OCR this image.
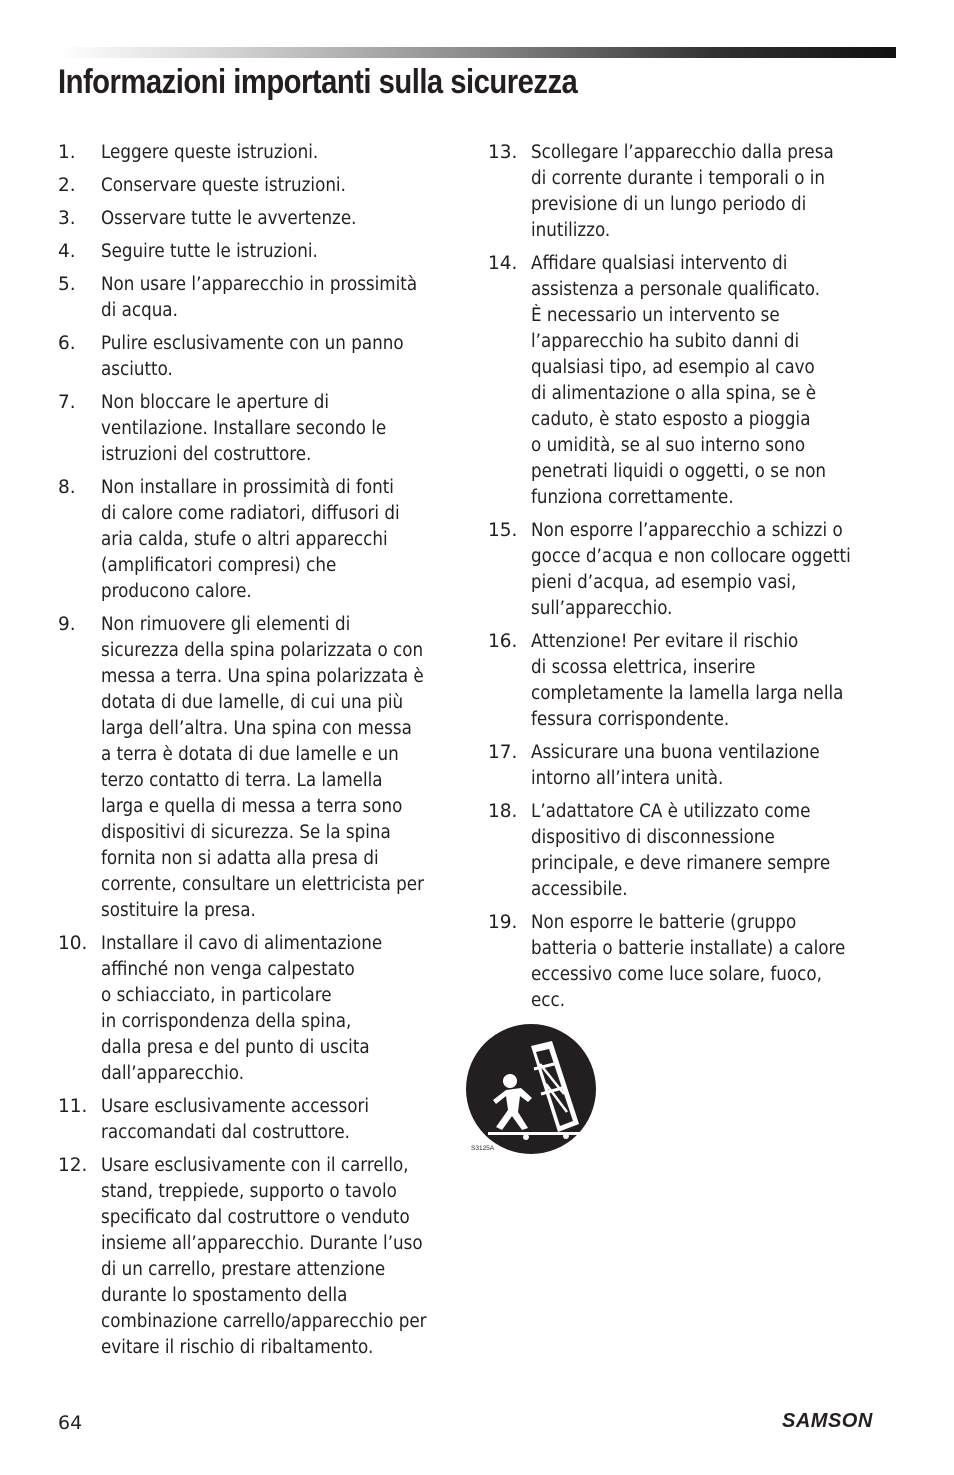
Informazioni importanti sulla sicurezza
1.	Leggere queste istruzioni.
2.	Conservare queste istruzioni.
3.	Osservare tutte le avvertenze.
4.	Seguire tutte le istruzioni.
5.	Non usare l’apparecchio in prossimità
di acqua.
6.	Pulire esclusivamente con un panno
asciutto.
7.	Non bloccare le aperture di
ventilazione. Installare secondo le
istruzioni del costruttore.
8.	Non installare in prossimità di fonti
di calore come radiatori, diffusori di
aria calda, stufe o altri apparecchi
(amplificatori compresi) che
producono calore.
9.	Non rimuovere gli elementi di
sicurezza della spina polarizzata o con
messa a terra. Una spina polarizzata è
dotata di due lamelle, di cui una più
larga dell’altra. Una spina con messa
a terra è dotata di due lamelle e un
terzo contatto di terra. La lamella
larga e quella di messa a terra sono
dispositivi di sicurezza. Se la spina
fornita non si adatta alla presa di
corrente, consultare un elettricista per
sostituire la presa.
10. Installare il cavo di alimentazione
affinché non venga calpestato
o schiacciato, in particolare
in corrispondenza della spina,
dalla presa e del punto di uscita
dall’apparecchio.
11. Usare esclusivamente accessori
raccomandati dal costruttore.
12. Usare esclusivamente con il carrello,
stand, treppiede, supporto o tavolo
specificato dal costruttore o venduto
insieme all’apparecchio. Durante l’uso
di un carrello, prestare attenzione
durante lo spostamento della
combinazione carrello/apparecchio per
evitare il rischio di ribaltamento.
13. Scollegare l’apparecchio dalla presa
di corrente durante i temporali o in
previsione di un lungo periodo di
inutilizzo.
14. Affidare qualsiasi intervento di
assistenza a personale qualificato.
È necessario un intervento se
l’apparecchio ha subito danni di
qualsiasi tipo, ad esempio al cavo
di alimentazione o alla spina, se è
caduto, è stato esposto a pioggia
o umidità, se al suo interno sono
penetrati liquidi o oggetti, o se non
funziona correttamente.
15. Non esporre l’apparecchio a schizzi o
gocce d’acqua e non collocare oggetti
pieni d’acqua, ad esempio vasi,
sull’apparecchio.
16. Attenzione! Per evitare il rischio
di scossa elettrica, inserire
completamente la lamella larga nella
fessura corrispondente.
17. Assicurare una buona ventilazione
intorno all’intera unità.
18. L’adattatore CA è utilizzato come
dispositivo di disconnessione
principale, e deve rimanere sempre
accessibile.
19. Non esporre le batterie (gruppo
batteria o batterie installate) a calore
eccessivo come luce solare, fuoco,
ecc.
S3125A
64	SAMSON
